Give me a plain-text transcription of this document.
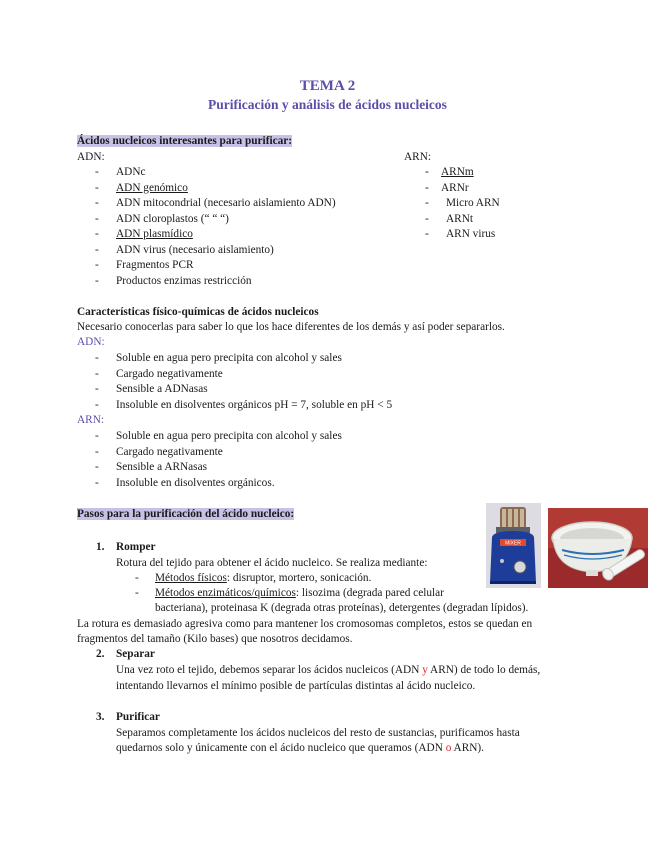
TEMA 2
Purificación y análisis de ácidos nucleicos
Ácidos nucleicos interesantes para purificar:
ADN:	ARN:
- ADNc
- ADN genómico
- ADN mitocondrial (necesario aislamiento ADN)
- ADN cloroplastos (“ “ “)
- ADN plasmídico
- ADN virus (necesario aislamiento)
- Fragmentos PCR
- Productos enzimas restricción
- ARNm
- ARNr
- Micro ARN
- ARNt
- ARN virus
Características físico-químicas de ácidos nucleicos
Necesario conocerlas para saber lo que los hace diferentes de los demás y así poder separarlos.
ADN:
- Soluble en agua pero precipita con alcohol y sales
- Cargado negativamente
- Sensible a ADNasas
- Insoluble en disolventes orgánicos pH = 7, soluble en pH < 5
ARN:
- Soluble en agua pero precipita con alcohol y sales
- Cargado negativamente
- Sensible a ARNasas
- Insoluble en disolventes orgánicos.
Pasos para la purificación del ácido nucleico:
MIXER
1. Romper
Rotura del tejido para obtener el ácido nucleico. Se realiza mediante:
- Métodos físicos: disruptor, mortero, sonicación.
- Métodos enzimáticos/químicos: lisozima (degrada pared celular
bacteriana), proteinasa K (degrada otras proteínas), detergentes (degradan lípidos).
La rotura es demasiado agresiva como para mantener los cromosomas completos, estos se quedan en
fragmentos del tamaño (Kilo bases) que nosotros decidamos.
2. Separar
Una vez roto el tejido, debemos separar los ácidos nucleicos (ADN y ARN) de todo lo demás,
intentando llevarnos el mínimo posible de partículas distintas al ácido nucleico.
3. Purificar
Separamos completamente los ácidos nucleicos del resto de sustancias, purificamos hasta
quedarnos solo y únicamente con el ácido nucleico que queramos (ADN o ARN).
